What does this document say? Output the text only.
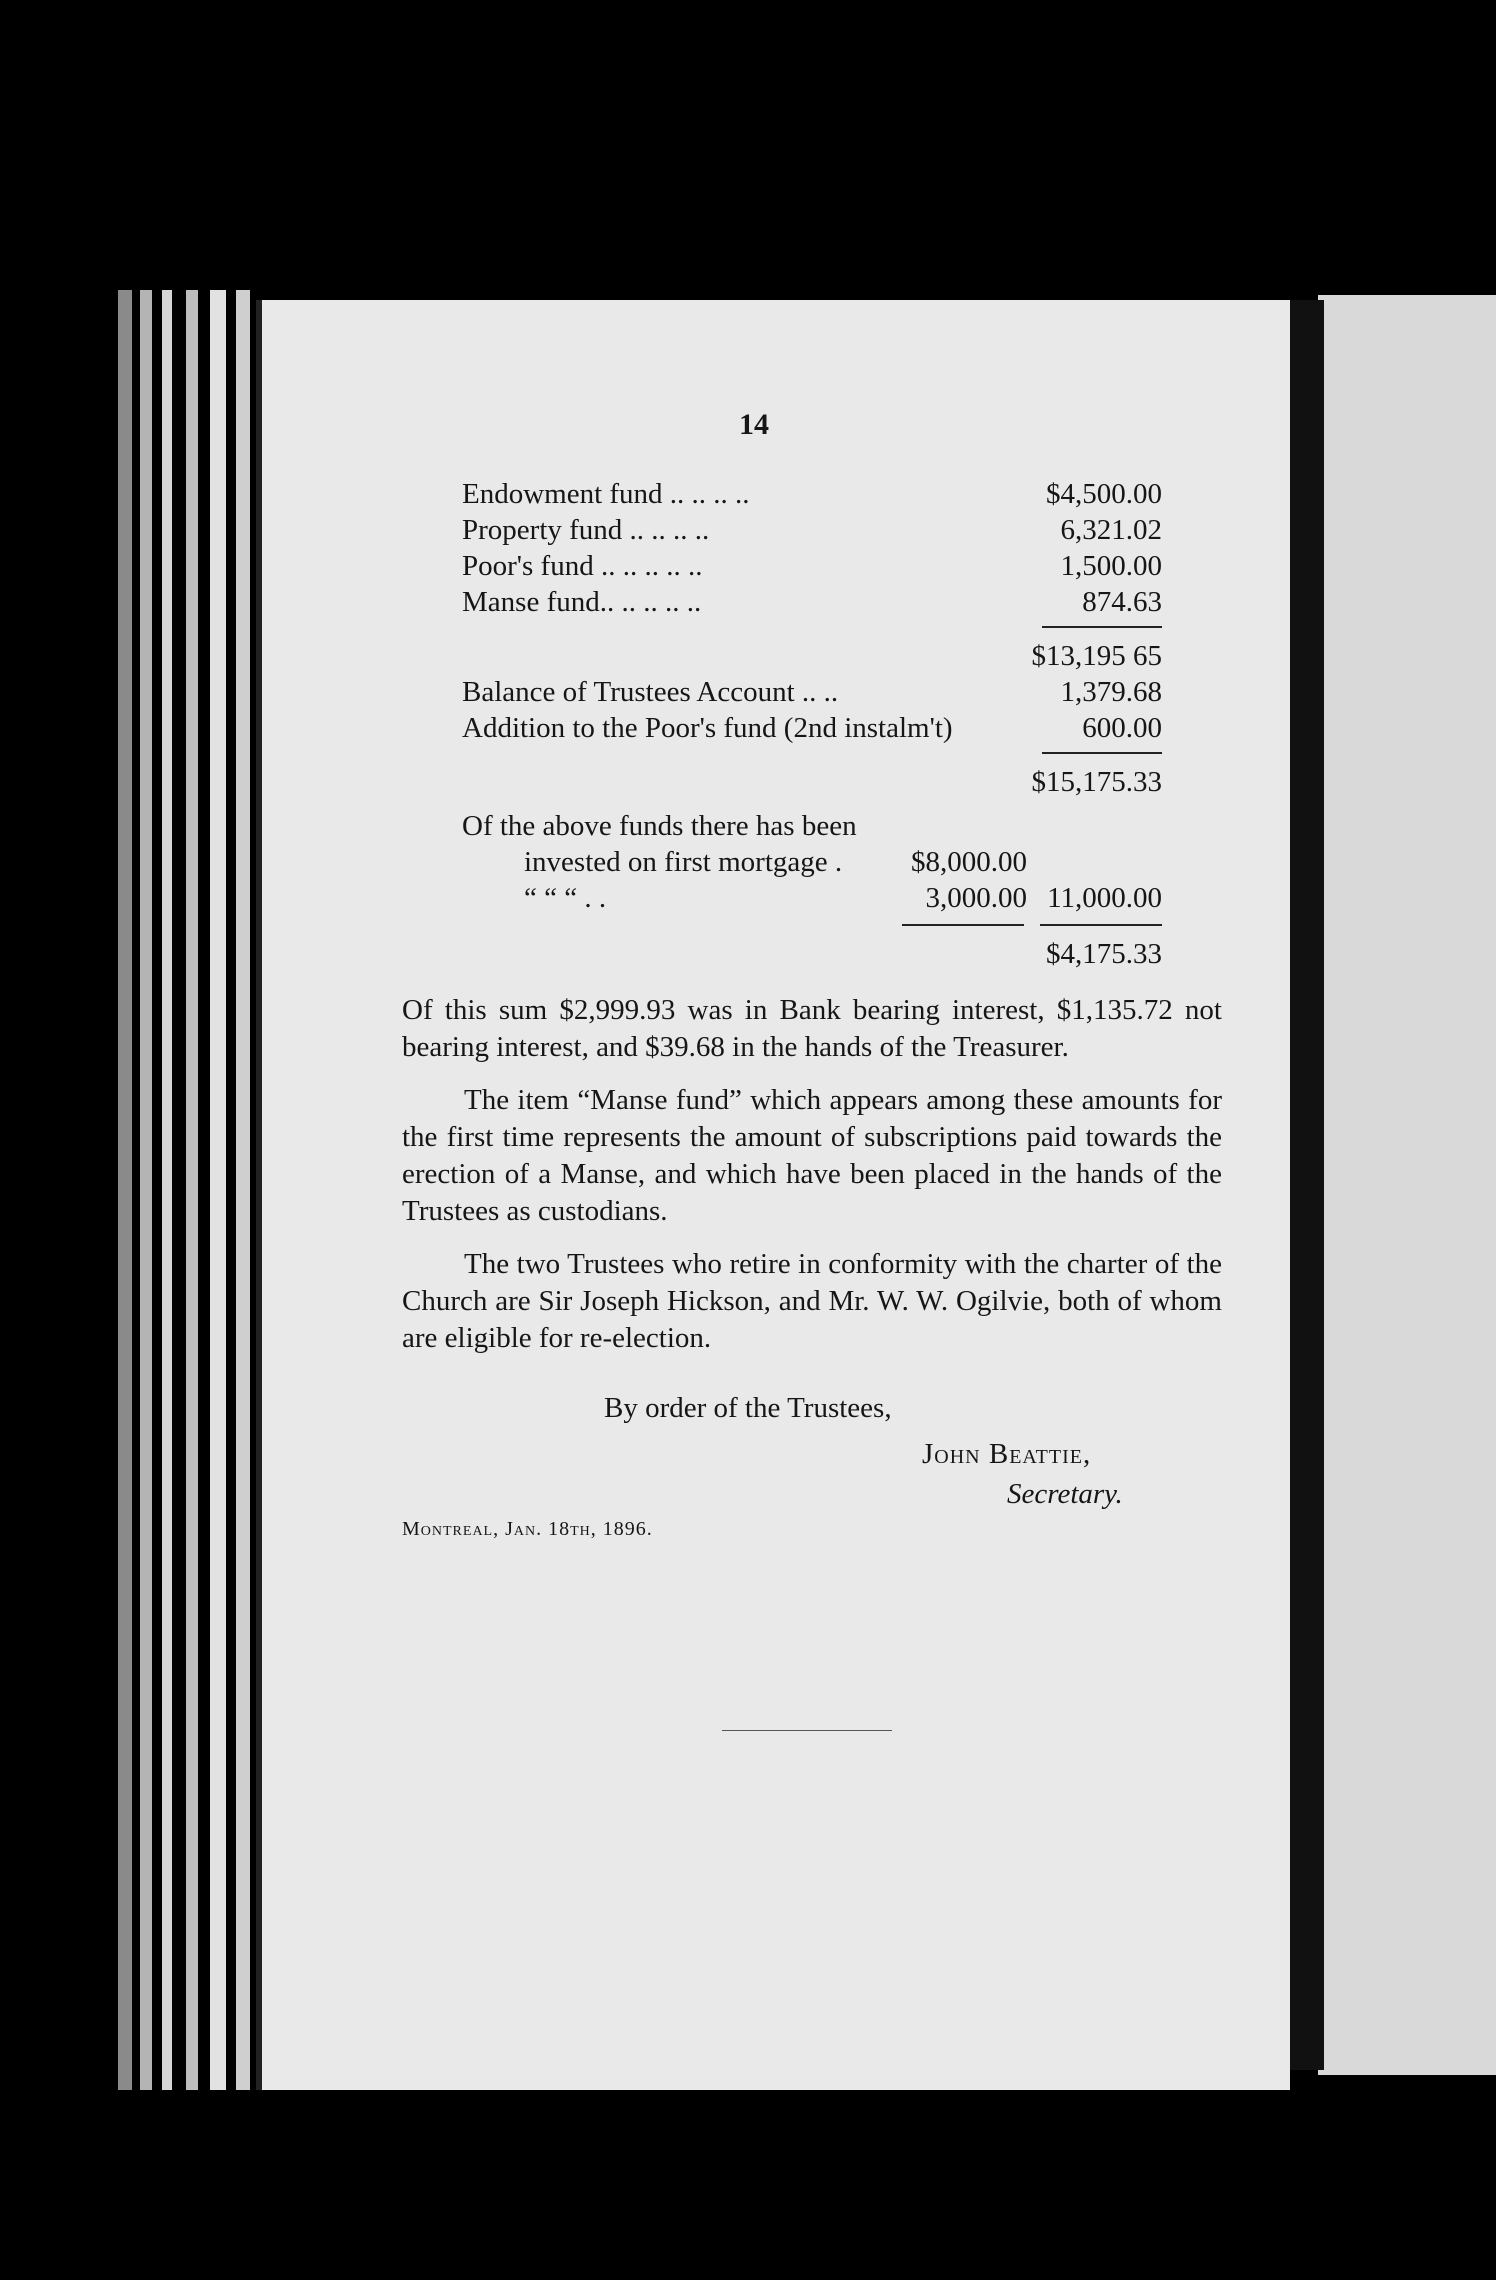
14
Endowment fund .. .. .. ..	$4,500.00
Property fund .. .. .. ..	6,321.02
Poor's fund .. .. .. .. ..	1,500.00
Manse fund.. .. .. .. ..	874.63
$13,195 65
Balance of Trustees Account .. ..	1,379.68
Addition to the Poor's fund (2nd instalm't)	600.00
$15,175.33
Of the above funds there has been
invested on first mortgage .	$8,000.00
“ “ “ . .	3,000.00 11,000.00
$4,175.33

Of this sum $2,999.93 was in Bank bearing interest, $1,135.72 not bearing interest, and $39.68 in the hands of the Treasurer.

The item “Manse fund” which appears among these amounts for the first time represents the amount of subscriptions paid towards the erection of a Manse, and which have been placed in the hands of the Trustees as custodians.

The two Trustees who retire in conformity with the charter of the Church are Sir Joseph Hickson, and Mr. W. W. Ogilvie, both of whom are eligible for re-election.

By order of the Trustees,
John Beattie,
Secretary.
Montreal, Jan. 18th, 1896.
